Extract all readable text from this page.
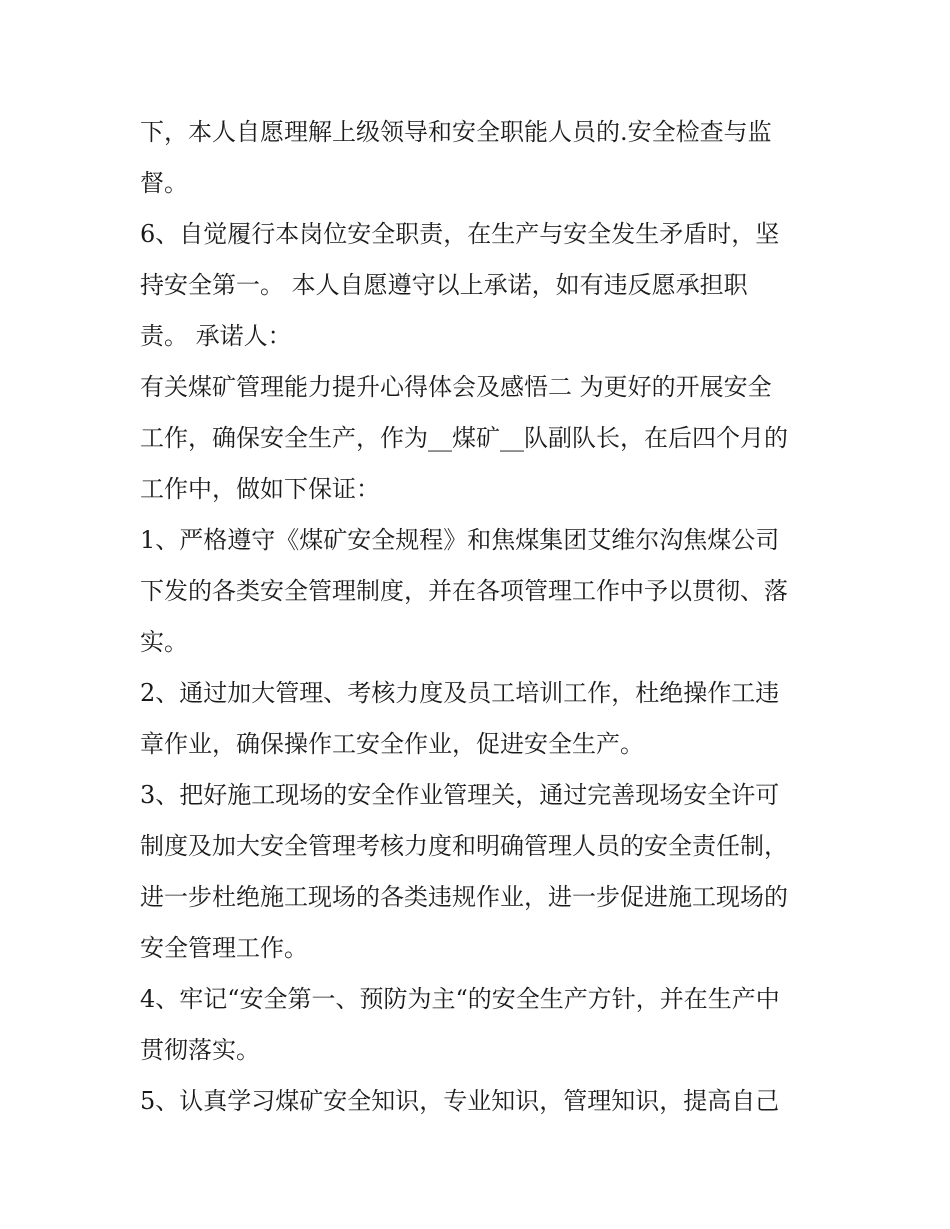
下，本人自愿理解上级领导和安全职能人员的.安全检查与监
督。

6、自觉履行本岗位安全职责，在生产与安全发生矛盾时，坚
持安全第一。 本人自愿遵守以上承诺，如有违反愿承担职
责。 承诺人：

有关煤矿管理能力提升心得体会及感悟二 为更好的开展安全
工作，确保安全生产，作为__煤矿__队副队长，在后四个月的
工作中，做如下保证：

1、严格遵守《煤矿安全规程》和焦煤集团艾维尔沟焦煤公司
下发的各类安全管理制度，并在各项管理工作中予以贯彻、落
实。

2、通过加大管理、考核力度及员工培训工作，杜绝操作工违
章作业，确保操作工安全作业，促进安全生产。

3、把好施工现场的安全作业管理关，通过完善现场安全许可
制度及加大安全管理考核力度和明确管理人员的安全责任制，
进一步杜绝施工现场的各类违规作业，进一步促进施工现场的
安全管理工作。

4、牢记“安全第一、预防为主“的安全生产方针，并在生产中
贯彻落实。

5、认真学习煤矿安全知识，专业知识，管理知识，提高自己
